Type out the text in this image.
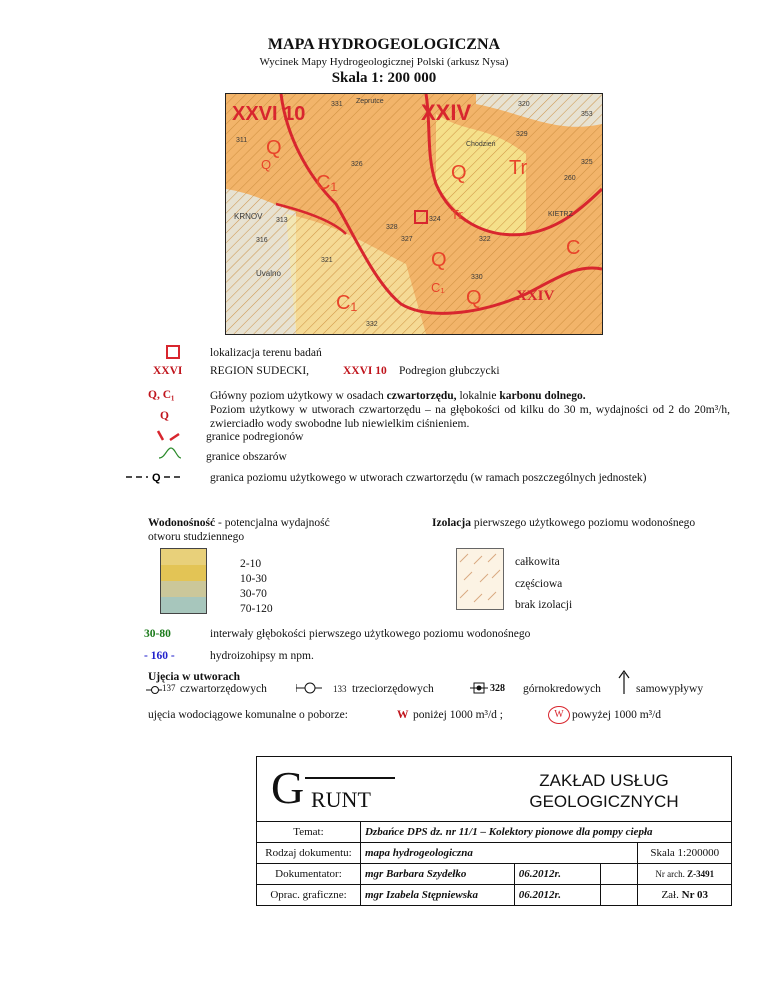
MAPA HYDROGEOLOGICZNA
Wycinek Mapy Hydrogeologicznej Polski (arkusz Nysa)
Skala 1: 200 000
XXVI 10	XXIV
XXIV
Q
C₁	Q
Tr
Tr
Q
C₁ Q
C₁
Q
C
KRNOV
Uvalno
Zeprutce
Chodzień
KIETRZ
331	320
353
311
329
326	325
260
313
316
324
328
327	322
321
330
332
lokalizacja terenu badań
XXVI REGION SUDECKI,	XXVI 10 Podregion głubczycki
Q, C₁	Główny poziom użytkowy w osadach czwartorzędu, lokalnie karbonu dolnego.
Q	Poziom użytkowy w utworach czwartorzędu – na głębokości od kilku do 30 m, wydajności od 2 do 20m³/h, zwierciadło wody swobodne lub niewielkim ciśnieniem.
granice podregionów
granice obszarów
Q	granica poziomu użytkowego w utworach czwartorzędu (w ramach poszczególnych jednostek)
Wodonośność - potencjalna wydajność otworu studziennego
Izolacja pierwszego użytkowego poziomu wodonośnego
2-10
10-30
30-70
70-120
całkowita
częściowa
brak izolacji
30-80	interwały głębokości pierwszego użytkowego poziomu wodonośnego
- 160 -	hydroizohipsy m npm.
Ujęcia w utworach
137 czwartorzędowych	133 trzeciorzędowych	328 górnokredowych	samowypływy
ujęcia wodociągowe komunalne o poborze:	W poniżej 1000 m³/d ;	W powyżej 1000 m³/d
G RUNT
ZAKŁAD USŁUG
GEOLOGICZNYCH
Temat:	Dzbańce DPS dz. nr 11/1 – Kolektory pionowe dla pompy ciepła			
Rodzaj dokumentu:	mapa hydrogeologiczna			Skala 1:200000
Dokumentator:	mgr Barbara Szydełko	06.2012r.		Nr arch. Z-3491
Oprac. graficzne:	mgr Izabela Stępniewska	06.2012r.		Zał. Nr 03
